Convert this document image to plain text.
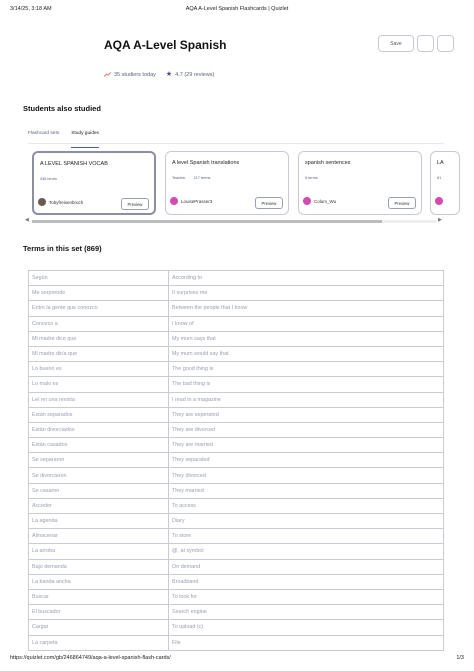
3/14/25, 3:18 AM	AQA A-Level Spanish Flashcards | Quizlet
AQA A-Level Spanish	Save
35 studiers today ★ 4.7 (29 reviews)
Students also studied
Flashcard sets	Study guides
A LEVEL SPANISH VOCAB
436 terms
Tobyfreisenbruch	Preview
A level Spanish translations
Teacher 217 terms
LouisePrasser3	Preview
spanish sentences
6 terms
Colum_Wu	Preview
LA
61
◀	▶
Terms in this set (869)
Según	According to
Me sorprende	It surprises me
Entre la gente que conozco	Between the people that I know
Conozco a	I know of
Mi madre dice que	My mum says that
Mi madre diría que	My mum would say that
Lo bueno es	The good thing is
Lo malo es	The bad thing is
Leí en una revista	I read in a magazine
Están separados	They are seperated
Están divorciados	They are divorced
Están casados	They are married
Se separaron	They separated
Se divorciaron	They divorced
Se casaron	They married
Acceder	To access
La agenda	Diary
Almacenar	To store
La arroba	@, at symbol
Bajo demanda	On demand
La banda ancha	Broadband
Buscar	To look for
El buscador	Search engine
Cargar	To upload (c)
La carpeta	File
https://quizlet.com/gb/246864749/aqa-a-level-spanish-flash-cards/	1/3
